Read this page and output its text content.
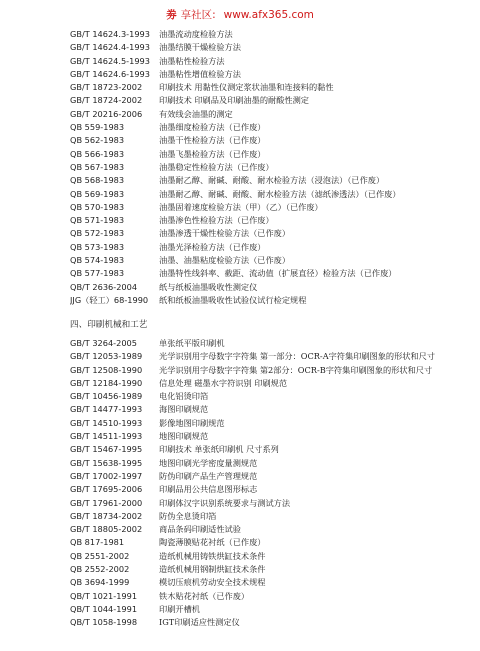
劵 享社区: www.afx365.com
GB/T 14624.3-1993 油墨流动度检验方法
GB/T 14624.4-1993 油墨结膜干燥检验方法
GB/T 14624.5-1993 油墨粘性检验方法
GB/T 14624.6-1993 油墨粘性增值检验方法
GB/T 18723-2002 印刷技术 用黏性仪测定浆状油墨和连接料的黏性
GB/T 18724-2002 印刷技术 印刷品及印刷油墨的耐酸性测定
GB/T 20216-2006 有效线会油墨的测定
QB 559-1983	油墨细度检验方法（已作废）
QB 562-1983	油墨干性检验方法（已作废）
QB 566-1983	油墨飞墨检验方法（已作废）
QB 567-1983	油墨稳定性检验方法（已作废）
QB 568-1983	油墨耐乙醇、耐碱、耐酸、耐水检验方法（浸泡法）（已作废）
QB 569-1983	油墨耐乙醇、耐碱、耐酸、耐水检验方法（滤纸渗透法）（已作废）
QB 570-1983	油墨固着速度检验方法（甲）（乙）（已作废）
QB 571-1983	油墨渗色性检验方法（已作废）
QB 572-1983	油墨渗透干燥性检验方法（已作废）
QB 573-1983	油墨光泽检验方法（已作废）
QB 574-1983	油墨、油墨粘度检验方法（已作废）
QB 577-1983	油墨特性线斜率、截距、流动值（扩展直径）检验方法（已作废）
QB/T 2636-2004	纸与纸板油墨吸收性测定仪
JJG（轻工）68-1990 纸和纸板油墨吸收性试验仪试行检定规程
四、印刷机械和工艺
GB/T 3264-2005	单张纸平版印刷机
GB/T 12053-1989 光学识别用字母数字字符集 第一部分：OCR-A字符集印刷图象的形状和尺寸
GB/T 12508-1990 光学识别用字母数字字符集 第2部分：OCR-B字符集印刷图象的形状和尺寸
GB/T 12184-1990 信息处理 磁墨水字符识别 印刷规范
GB/T 10456-1989 电化铝烫印箔
GB/T 14477-1993 海图印刷规范
GB/T 14510-1993 影像地图印刷规范
GB/T 14511-1993 地图印刷规范
GB/T 15467-1995 印刷技术 单张纸印刷机 尺寸系列
GB/T 15638-1995 地图印刷光学密度量测规范
GB/T 17002-1997 防伪印刷产品生产管理规范
GB/T 17695-2006 印刷品用公共信息图形标志
GB/T 17961-2000 印刷体汉字识别系统要求与测试方法
GB/T 18734-2002 防伪全息烫印箔
GB/T 18805-2002 商品条码印刷适性试验
QB 817-1981	陶瓷薄膜贴花衬纸（已作废）
QB 2551-2002	造纸机械用铸铁烘缸技术条件
QB 2552-2002	造纸机械用钢制烘缸技术条件
QB 3694-1999	模切压痕机劳动安全技术规程
QB/T 1021-1991	铁木贴花衬纸（已作废）
QB/T 1044-1991	印刷开槽机
QB/T 1058-1998	IGT印刷适应性测定仪
